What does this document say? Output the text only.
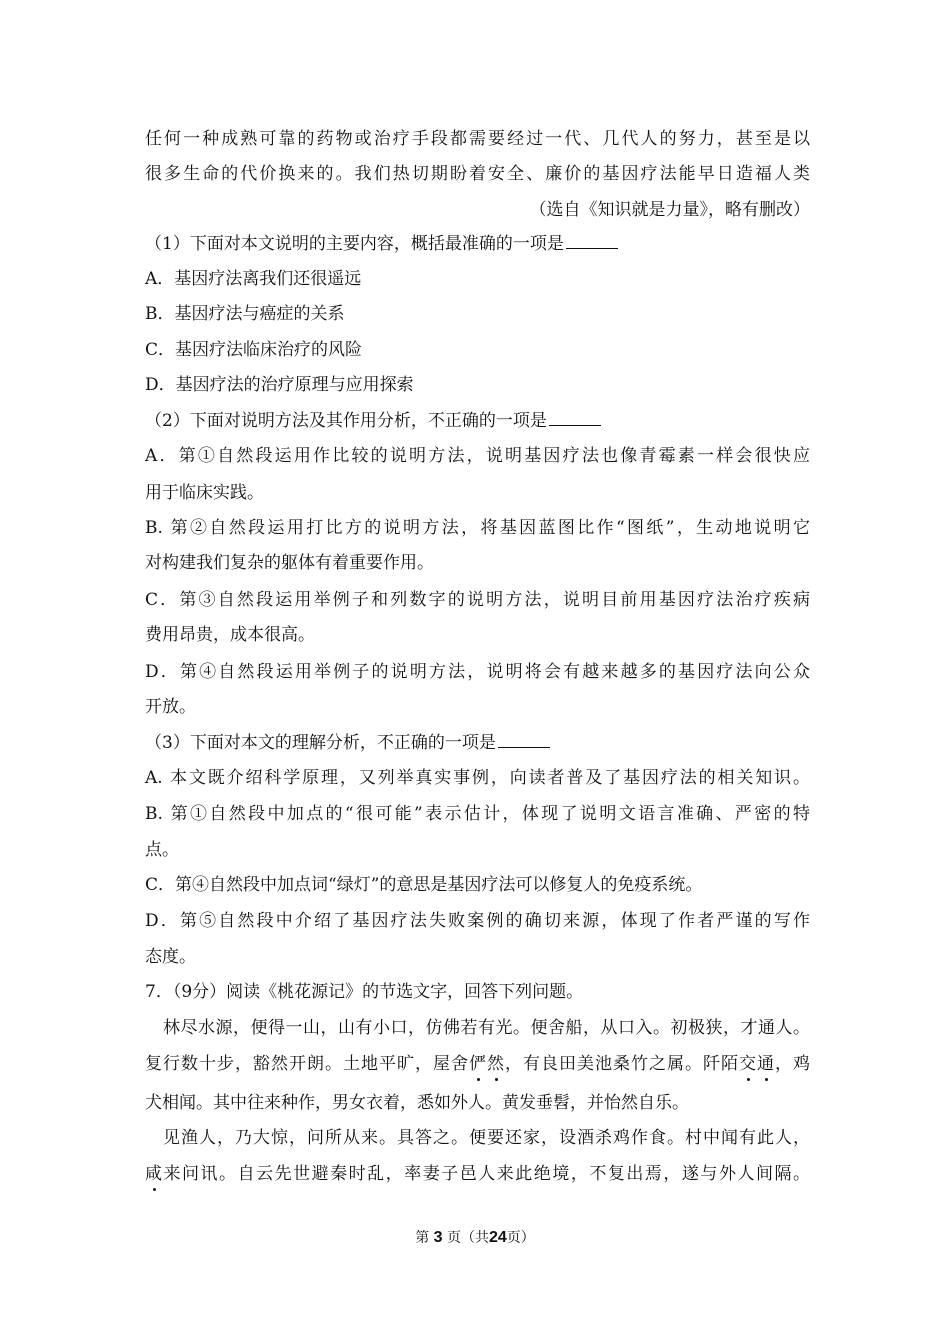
任何一种成熟可靠的药物或治疗手段都需要经过一代、几代人的努力，甚至是以
很多生命的代价换来的。我们热切期盼着安全、廉价的基因疗法能早日造福人类
（选自《知识就是力量》，略有删改）
（1）下面对本文说明的主要内容，概括最准确的一项是
A．基因疗法离我们还很遥远
B．基因疗法与癌症的关系
C．基因疗法临床治疗的风险
D．基因疗法的治疗原理与应用探索
（2）下面对说明方法及其作用分析，不正确的一项是
A．第①自然段运用作比较的说明方法，说明基因疗法也像青霉素一样会很快应
用于临床实践。
B. 第②自然段运用打比方的说明方法，将基因蓝图比作“图纸”，生动地说明它
对构建我们复杂的躯体有着重要作用。
C．第③自然段运用举例子和列数字的说明方法，说明目前用基因疗法治疗疾病
费用昂贵，成本很高。
D．第④自然段运用举例子的说明方法，说明将会有越来越多的基因疗法向公众
开放。
（3）下面对本文的理解分析，不正确的一项是
A. 本文既介绍科学原理，又列举真实事例，向读者普及了基因疗法的相关知识。
B. 第①自然段中加点的“很可能”表示估计，体现了说明文语言准确、严密的特
点。
C．第④自然段中加点词“绿灯”的意思是基因疗法可以修复人的免疫系统。
D．第⑤自然段中介绍了基因疗法失败案例的确切来源，体现了作者严谨的写作
态度。
7．（9分）阅读《桃花源记》的节选文字，回答下列问题。
林尽水源，便得一山，山有小口，仿佛若有光。便舍船，从口入。初极狭，才通人。
复行数十步，豁然开朗。土地平旷，屋舍俨然，有良田美池桑竹之属。阡陌交通，鸡
犬相闻。其中往来种作，男女衣着，悉如外人。黄发垂髫，并怡然自乐。
见渔人，乃大惊，问所从来。具答之。便要还家，设酒杀鸡作食。村中闻有此人，
咸来问讯。自云先世避秦时乱，率妻子邑人来此绝境，不复出焉，遂与外人间隔。
第 3 页（共24页）
